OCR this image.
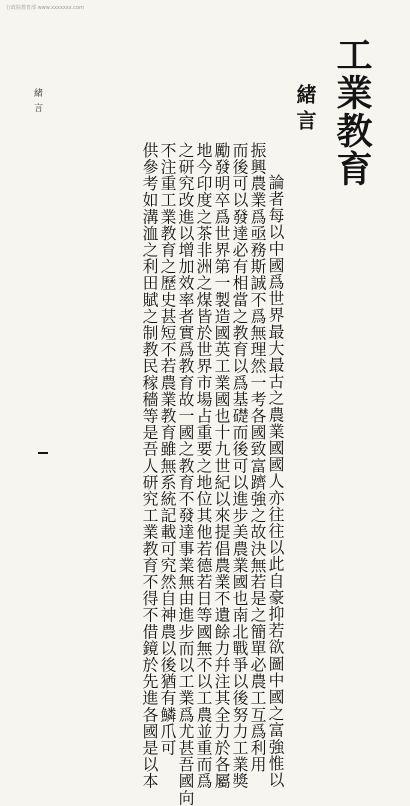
行政院教育部 www.xxxxxxx.com
工業教育
緒言
論者每以中國爲世界最大最古之農業國國人亦往往以此自豪抑若欲圖中國之富強惟以
振興農業爲亟務斯誠不爲無理然一考各國致富躋強之故決無若是之簡單必農工互爲利用
而後可以發達必有相當之教育以爲基礎而後可以進步美農業國也南北戰爭以後努力工業獎
勵發明卒爲世界第一製造國英工業國也十九世紀以來提倡農業不遺餘力幷注其全力於各屬
地今印度之茶非洲之煤皆於世界市場占重要之地位其他若德若日等國無不以工農並重而爲
之研究改進以增加效率者實爲教育故一國之教育不發達事業無由進步而以工業爲尤甚吾國向
不注重工業教育之歷史甚短不若農業教育雖無系統記載可究然自神農以後猶有鱗爪可
供參考如溝洫之利田賦之制教民稼穡等是吾人研究工業教育不得不借鏡於先進各國是以本
緒言
